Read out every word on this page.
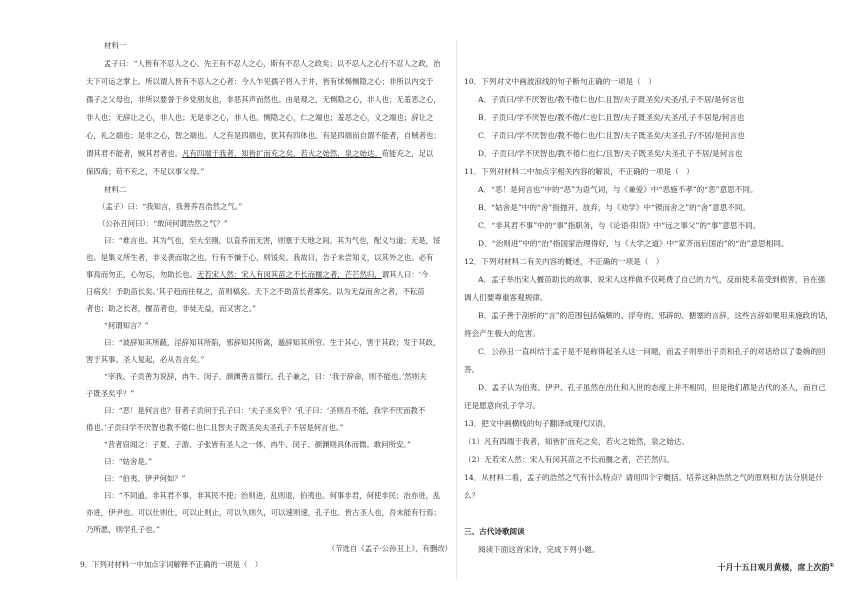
材料一
孟子曰：“人皆有不忍人之心。先王有不忍人之心，斯有不忍人之政矣；以不忍人之心行不忍人之政，治
天下可运之掌上。所以谓人皆有不忍人之心者：今人乍见孺子将入于井，皆有怵惕恻隐之心；非所以内交于
孺子之父母也，非所以要誉于乡党朋友也，非恶其声而然也。由是观之，无恻隐之心，非人也；无羞恶之心，
非人也；无辞让之心，非人也；无是非之心，非人也。恻隐之心，仁之端也；羞恶之心，义之端也；辞让之
心，礼之端也；是非之心，智之端也。人之有是四端也，犹其有四体也。有是四端而自谓不能者，自贼者也；
谓其君不能者，贼其君者也。凡有四端于我者，知皆扩而充之矣，若火之始然，泉之始达。苟能充之，足以
保四海；苟不充之，不足以事父母。”
材料二
（孟子）曰：“我知言，我善养吾浩然之气。”
（公孙丑问曰）：“敢问何谓浩然之气？”
曰：“难言也。其为气也，至大至刚，以直养而无害，则塞于天地之间。其为气也，配义与道；无是，馁
也。是集义所生者，非义袭而取之也。行有不慊于心，则馁矣。我故曰，告子未尝知义，以其外之也。必有
事焉而勿正，心勿忘，勿助长也。无若宋人然：宋人有闵其苗之不长而揠之者，芒芒然归，谓其人曰：‘今
日病矣！予助苗长矣。’其子趋而往视之，苗则槁矣。天下之不助苗长者寡矣。以为无益而舍之者，不耘苗
者也；助之长者，揠苗者也，非徒无益，而又害之。”
“何谓知言？”
曰：“诐辞知其所蔽，淫辞知其所陷，邪辞知其所离，遁辞知其所穷。生于其心，害于其政；发于其政，
害于其事。圣人复起，必从吾言矣。”
“宰我、子贡善为说辞，冉牛、闵子、颜渊善言德行。孔子兼之，曰：‘我于辞命，则不能也。’然则夫
子既圣矣乎？”
曰：“恶！是何言也？昔者子贡问于孔子曰：‘夫子圣矣乎？’孔子曰：‘圣则吾不能，我学不厌而教不
倦也。’子贡曰学不厌智也教不倦仁也仁且智夫子既圣矣夫圣孔子不居是何言也。”
“昔者窃闻之：子夏、子游、子张皆有圣人之一体，冉牛、闵子、颜渊则具体而微。敢问所安。”
曰：“姑舍是。”
曰：“伯夷、伊尹何如？”
曰：“不同道。非其君不事，非其民不使；治则进，乱则退，伯夷也。何事非君，何使非民；治亦进，乱
亦进，伊尹也。可以仕则仕，可以止则止，可以久则久，可以速则速，孔子也。皆古圣人也，吾未能有行焉；
乃所愿，则学孔子也。”
（节选自《孟子·公孙丑上》，有删改）
9．下列对材料一中加点字词解释不正确的一项是（　）
10．下列对文中画波浪线的句子断句正确的一项是（　）
A．子贡曰/学不厌智也/教不倦仁也/仁且智/夫子既圣矣/夫圣/孔子不居/是何言也
B．子贡曰/学不厌智也/教不倦/仁也仁且智/夫子既圣矣/夫圣/孔子不居是/何言也
C．子贡曰/学不厌智也/教不倦仁也/仁且智/夫子既圣矣/夫圣孔子/不居/是何言也
D．子贡曰/学不厌智也/教不倦仁也仁/且智/夫子既圣矣/夫圣孔子不居/是何言也
11．下列对材料二中加点字相关内容的解说，不正确的一项是（　）
A．“恶！是何言也”中的“恶”为语气词，与《兼爱》中“恶施不孝”的“恶”意思不同。
B．“姑舍是”中的“舍”指抛开、放弃，与《劝学》中“锲而舍之”的“舍”意思不同。
C．“非其君不事”中的“事”指职务，与《论语·阳货》中“远之事父”的“事”意思不同。
D．“治则进”中的“治”指国家治理得好，与《大学之道》中“家齐而后国治”的“治”意思相同。
12．下列对材料二有关内容的概述，不正确的一项是（　）
A．孟子举出宋人揠苗助长的故事，说宋人这样做不仅耗费了自己的力气，反而使禾苗受到损害，旨在强
调人们要尊重客观规律。
B．孟子善于剖析的“言”的范围包括偏颇的、浮夸的、邪辟的、搪塞的言辞，这些言辞如果用来施政的话，
将会产生极大的危害。
C．公孙丑一直纠结于孟子是不是称得起圣人这一问题，而孟子则举出子贡和孔子的对话给以了委婉的回
答。
D．孟子认为伯夷、伊尹、孔子虽然在出仕和入世的态度上并不相同，但是他们都是古代的圣人，而自己
还是愿意向孔子学习。
13．把文中画横线的句子翻译成现代汉语。
（1）凡有四端于我者，知皆扩而充之矣，若火之始然，泉之始达。
（2）无若宋人然：宋人有闵其苗之不长而揠之者，芒芒然归。
14．从材料二看，孟子的浩然之气有什么特点？请用四个字概括。培养这种浩然之气的原则和方法分别是什
么？
三、古代诗歌阅读
阅读下面这首宋诗，完成下列小题。
十月十五日观月黄楼，席上次韵①
